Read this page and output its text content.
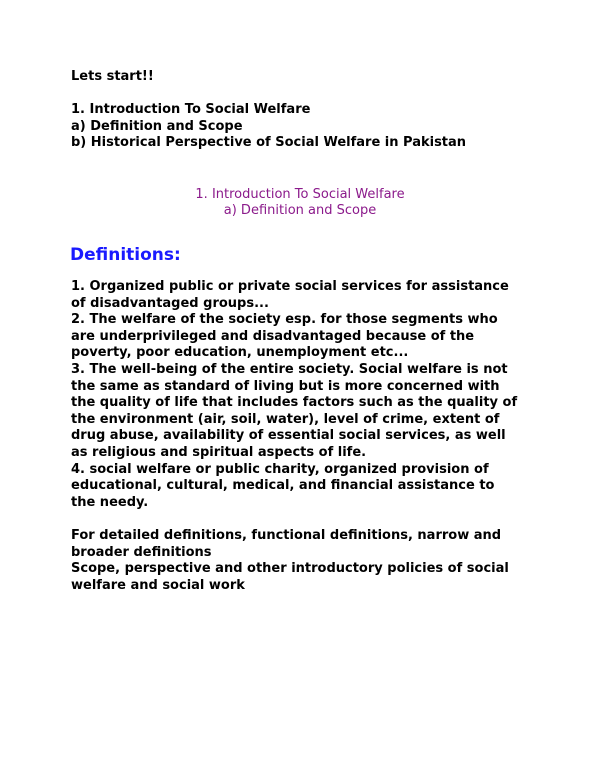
Lets start!!
1. Introduction To Social Welfare
a) Definition and Scope
b) Historical Perspective of Social Welfare in Pakistan
1. Introduction To Social Welfare
a) Definition and Scope
Definitions:
1. Organized public or private social services for assistance
of disadvantaged groups...
2. The welfare of the society esp. for those segments who
are underprivileged and disadvantaged because of the
poverty, poor education, unemployment etc...
3. The well-being of the entire society. Social welfare is not
the same as standard of living but is more concerned with
the quality of life that includes factors such as the quality of
the environment (air, soil, water), level of crime, extent of
drug abuse, availability of essential social services, as well
as religious and spiritual aspects of life.
4. social welfare or public charity, organized provision of
educational, cultural, medical, and financial assistance to
the needy.
For detailed definitions, functional definitions, narrow and
broader definitions
Scope, perspective and other introductory policies of social
welfare and social work
